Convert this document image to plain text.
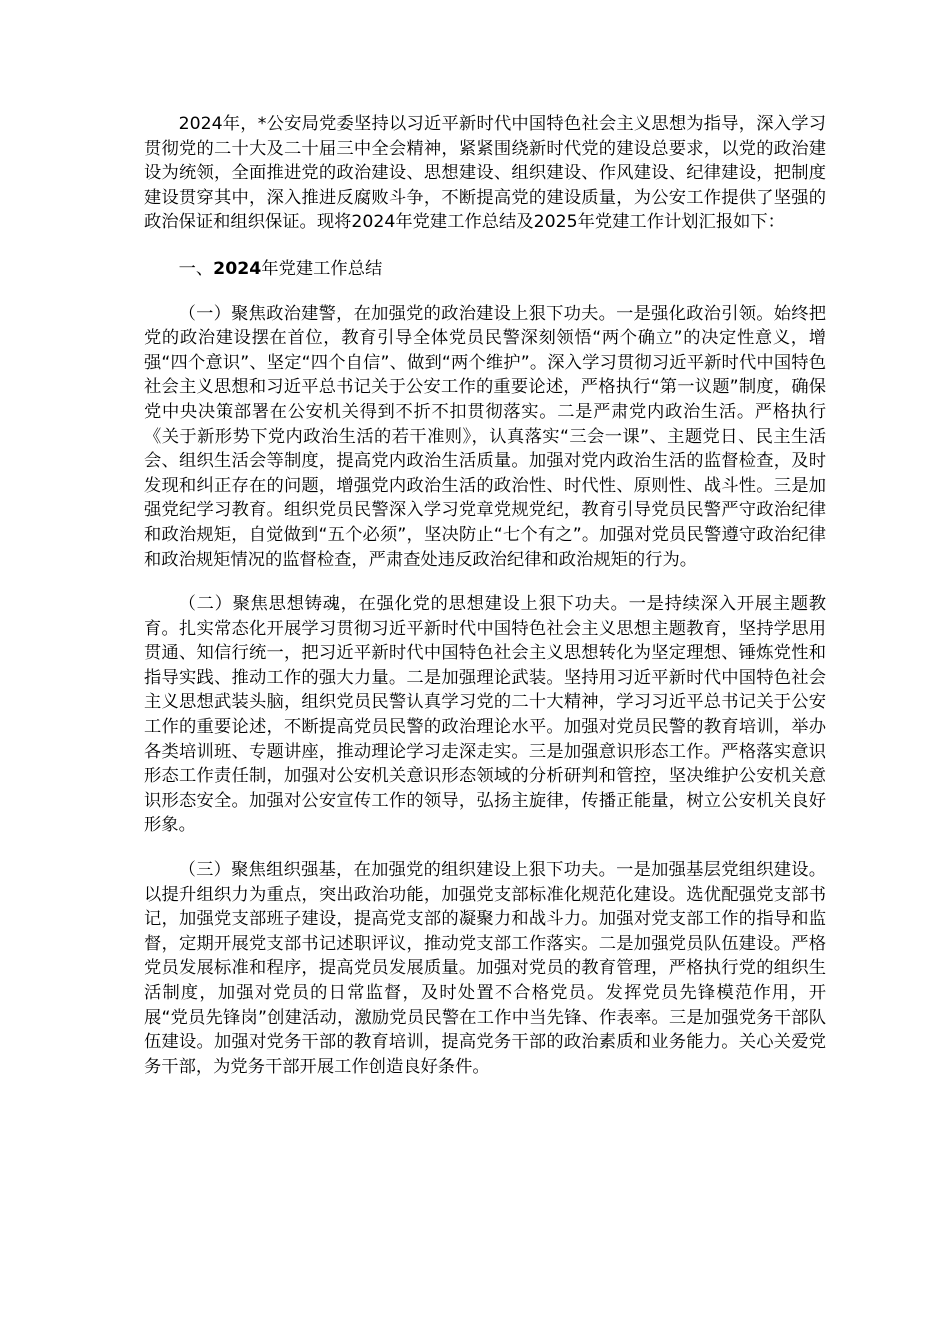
2024年，*公安局党委坚持以习近平新时代中国特色社会主义思想为指导，深入学习贯彻党的二十大及二十届三中全会精神，紧紧围绕新时代党的建设总要求，以党的政治建设为统领，全面推进党的政治建设、思想建设、组织建设、作风建设、纪律建设，把制度建设贯穿其中，深入推进反腐败斗争，不断提高党的建设质量，为公安工作提供了坚强的政治保证和组织保证。现将2024年党建工作总结及2025年党建工作计划汇报如下：

一、2024年党建工作总结

（一）聚焦政治建警，在加强党的政治建设上狠下功夫。一是强化政治引领。始终把党的政治建设摆在首位，教育引导全体党员民警深刻领悟“两个确立”的决定性意义，增强“四个意识”、坚定“四个自信”、做到“两个维护”。深入学习贯彻习近平新时代中国特色社会主义思想和习近平总书记关于公安工作的重要论述，严格执行“第一议题”制度，确保党中央决策部署在公安机关得到不折不扣贯彻落实。二是严肃党内政治生活。严格执行《关于新形势下党内政治生活的若干准则》，认真落实“三会一课”、主题党日、民主生活会、组织生活会等制度，提高党内政治生活质量。加强对党内政治生活的监督检查，及时发现和纠正存在的问题，增强党内政治生活的政治性、时代性、原则性、战斗性。三是加强党纪学习教育。组织党员民警深入学习党章党规党纪，教育引导党员民警严守政治纪律和政治规矩，自觉做到“五个必须”，坚决防止“七个有之”。加强对党员民警遵守政治纪律和政治规矩情况的监督检查，严肃查处违反政治纪律和政治规矩的行为。

（二）聚焦思想铸魂，在强化党的思想建设上狠下功夫。一是持续深入开展主题教育。扎实常态化开展学习贯彻习近平新时代中国特色社会主义思想主题教育，坚持学思用贯通、知信行统一，把习近平新时代中国特色社会主义思想转化为坚定理想、锤炼党性和指导实践、推动工作的强大力量。二是加强理论武装。坚持用习近平新时代中国特色社会主义思想武装头脑，组织党员民警认真学习党的二十大精神，学习习近平总书记关于公安工作的重要论述，不断提高党员民警的政治理论水平。加强对党员民警的教育培训，举办各类培训班、专题讲座，推动理论学习走深走实。三是加强意识形态工作。严格落实意识形态工作责任制，加强对公安机关意识形态领域的分析研判和管控，坚决维护公安机关意识形态安全。加强对公安宣传工作的领导，弘扬主旋律，传播正能量，树立公安机关良好形象。

（三）聚焦组织强基，在加强党的组织建设上狠下功夫。一是加强基层党组织建设。以提升组织力为重点，突出政治功能，加强党支部标准化规范化建设。选优配强党支部书记，加强党支部班子建设，提高党支部的凝聚力和战斗力。加强对党支部工作的指导和监督，定期开展党支部书记述职评议，推动党支部工作落实。二是加强党员队伍建设。严格党员发展标准和程序，提高党员发展质量。加强对党员的教育管理，严格执行党的组织生活制度，加强对党员的日常监督，及时处置不合格党员。发挥党员先锋模范作用，开展“党员先锋岗”创建活动，激励党员民警在工作中当先锋、作表率。三是加强党务干部队伍建设。加强对党务干部的教育培训，提高党务干部的政治素质和业务能力。关心关爱党务干部，为党务干部开展工作创造良好条件。
